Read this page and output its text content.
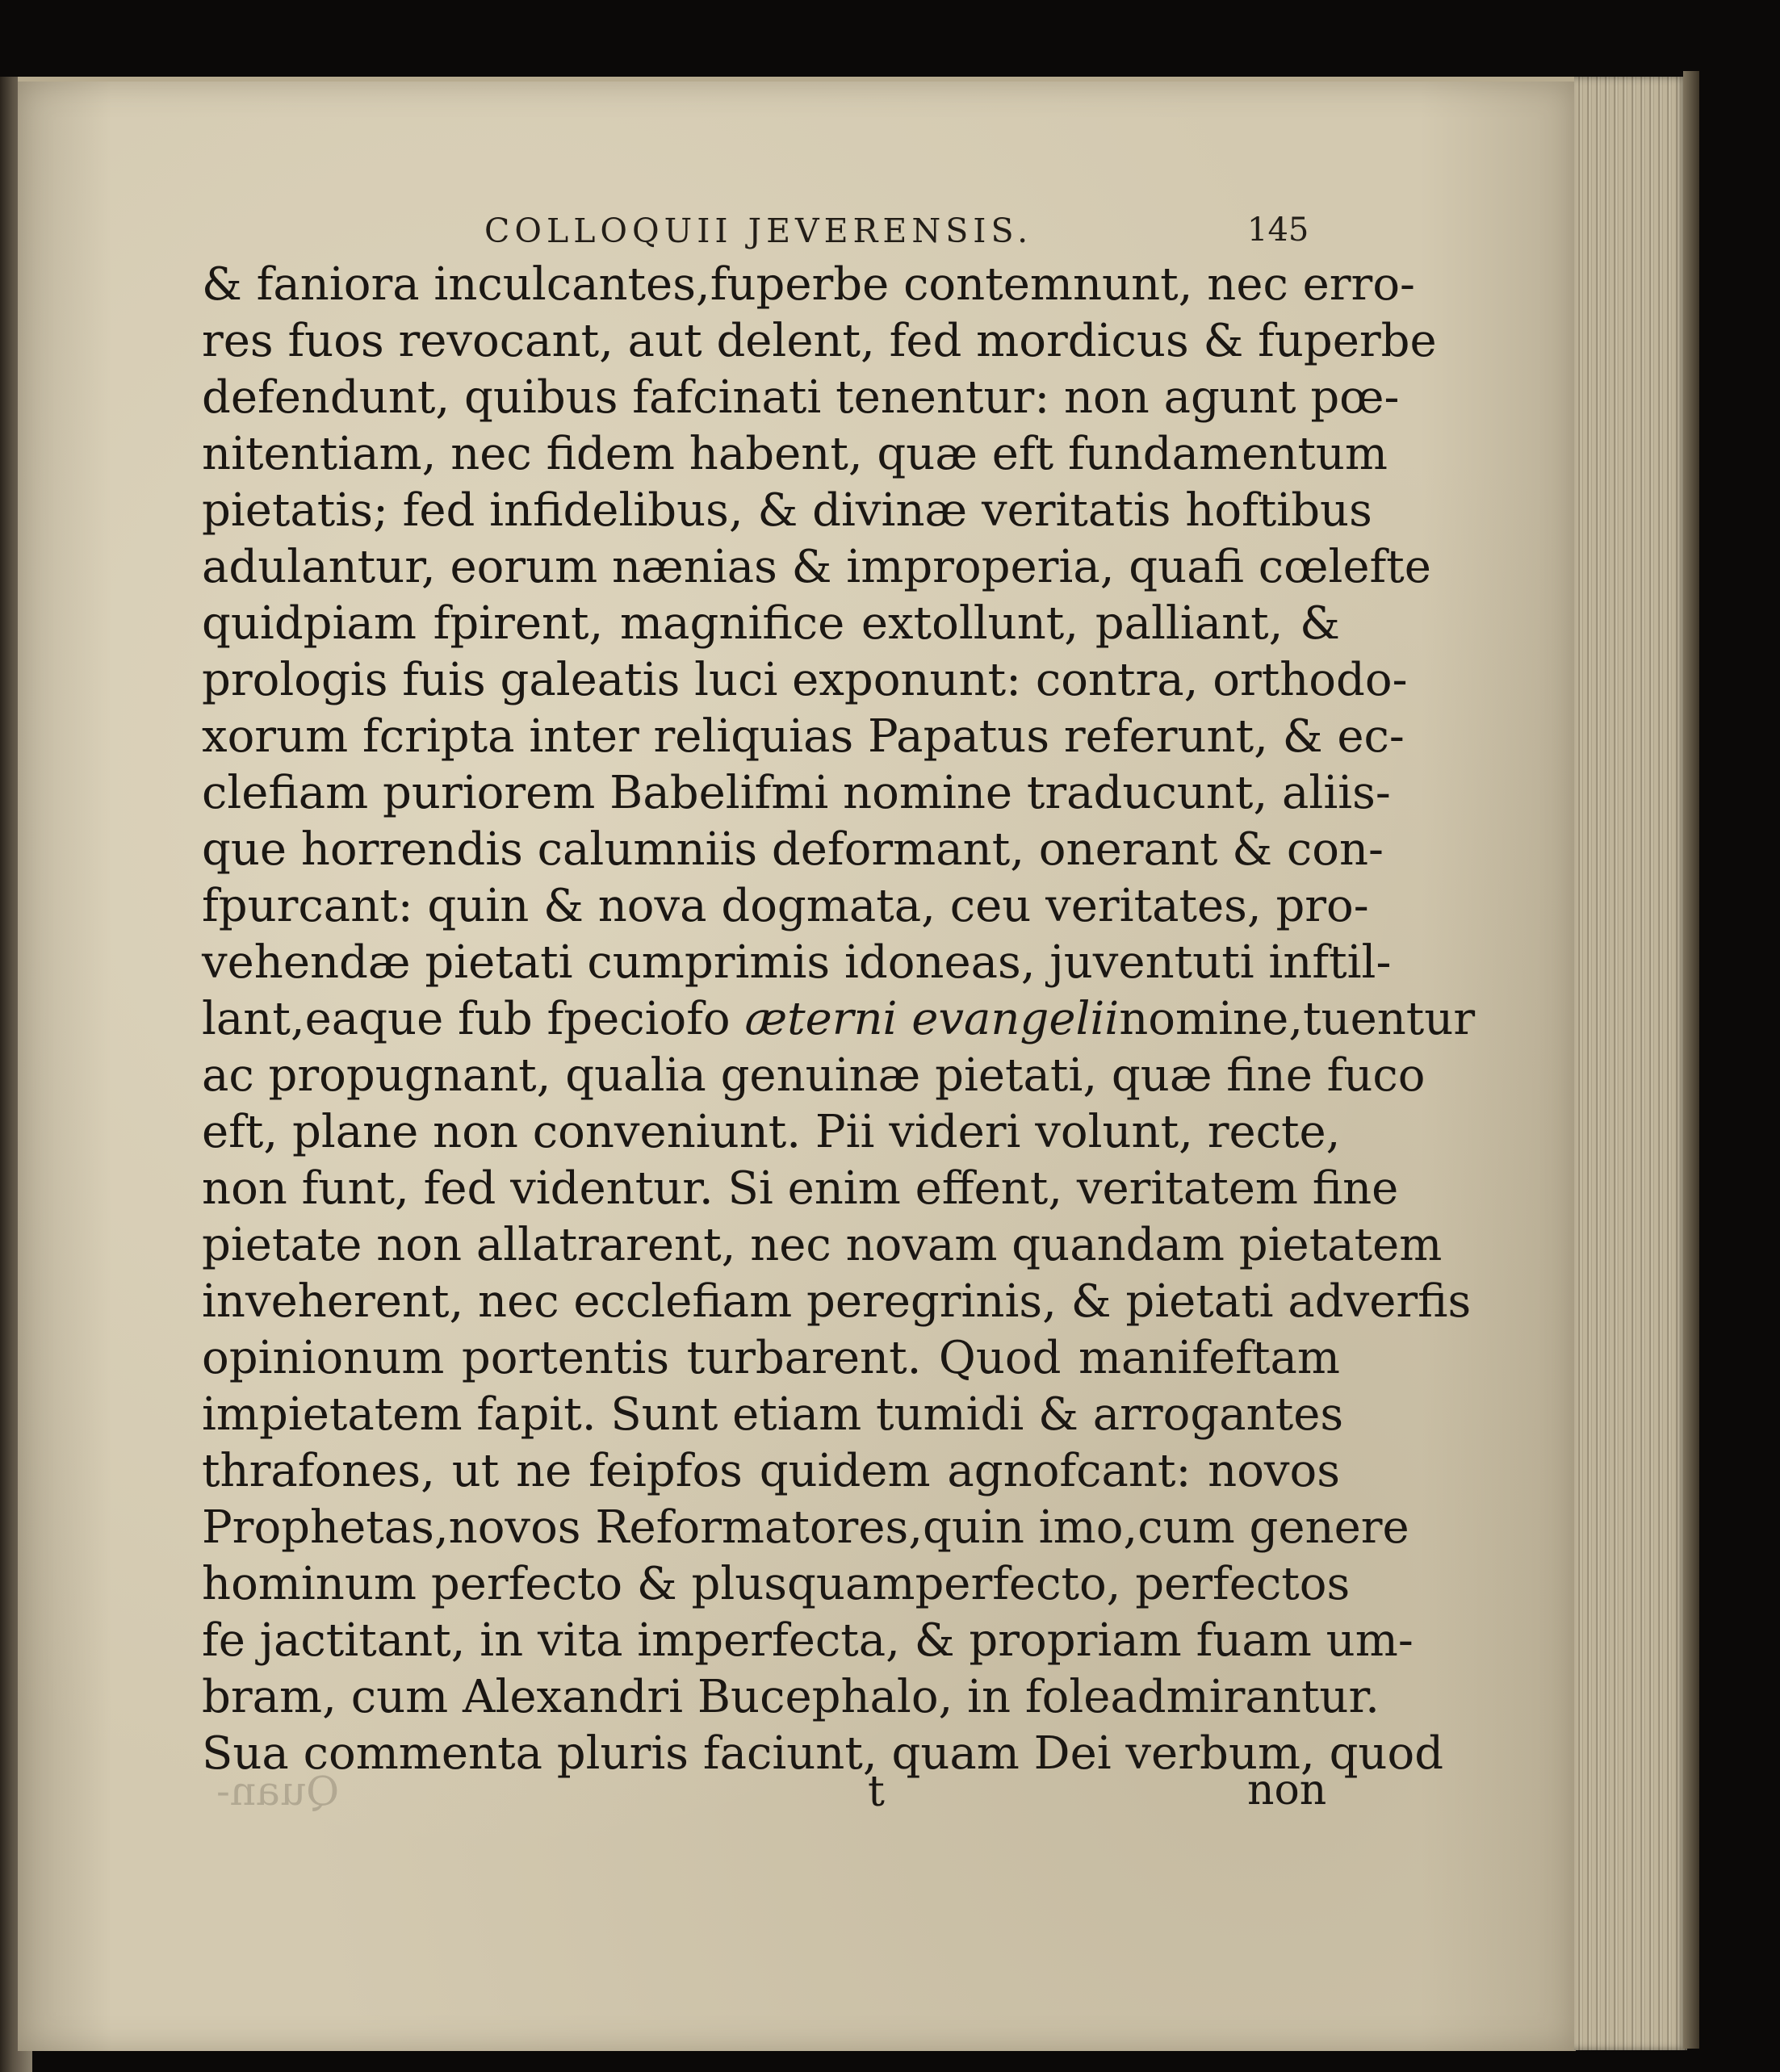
COLLOQUII JEVERENSIS.	145
& faniora inculcantes,fuperbe contemnunt, nec erro-
res fuos revocant, aut delent, fed mordicus & fuperbe
defendunt, quibus fafcinati tenentur: non agunt pœ-
nitentiam, nec fidem habent, quæ eft fundamentum
pietatis; fed infidelibus, & divinæ veritatis hoftibus
adulantur, eorum nænias & improperia, quafi cœlefte
quidpiam fpirent, magnifice extollunt, palliant, &
prologis fuis galeatis luci exponunt: contra, orthodo-
xorum fcripta inter reliquias Papatus referunt, & ec-
clefiam puriorem Babelifmi nomine traducunt, aliis-
que horrendis calumniis deformant, onerant & con-
fpurcant: quin & nova dogmata, ceu veritates, pro-
vehendæ pietati cumprimis idoneas, juventuti inftil-
lant,eaque fub fpeciofo æterni evangeliinomine,tuentur
ac propugnant, qualia genuinæ pietati, quæ fine fuco
eft, plane non conveniunt. Pii videri volunt, recte,
non funt, fed videntur. Si enim effent, veritatem fine
pietate non allatrarent, nec novam quandam pietatem
inveherent, nec ecclefiam peregrinis, & pietati adverfis
opinionum portentis turbarent. Quod manifeftam
impietatem fapit. Sunt etiam tumidi & arrogantes
thrafones, ut ne feipfos quidem agnofcant: novos
Prophetas,novos Reformatores,quin imo,cum genere
hominum perfecto & plusquamperfecto, perfectos
fe jactitant, in vita imperfecta, & propriam fuam um-
bram, cum Alexandri Bucephalo, in foleadmirantur.
Sua commenta pluris faciunt, quam Dei verbum, quod
Quan-	t	non
